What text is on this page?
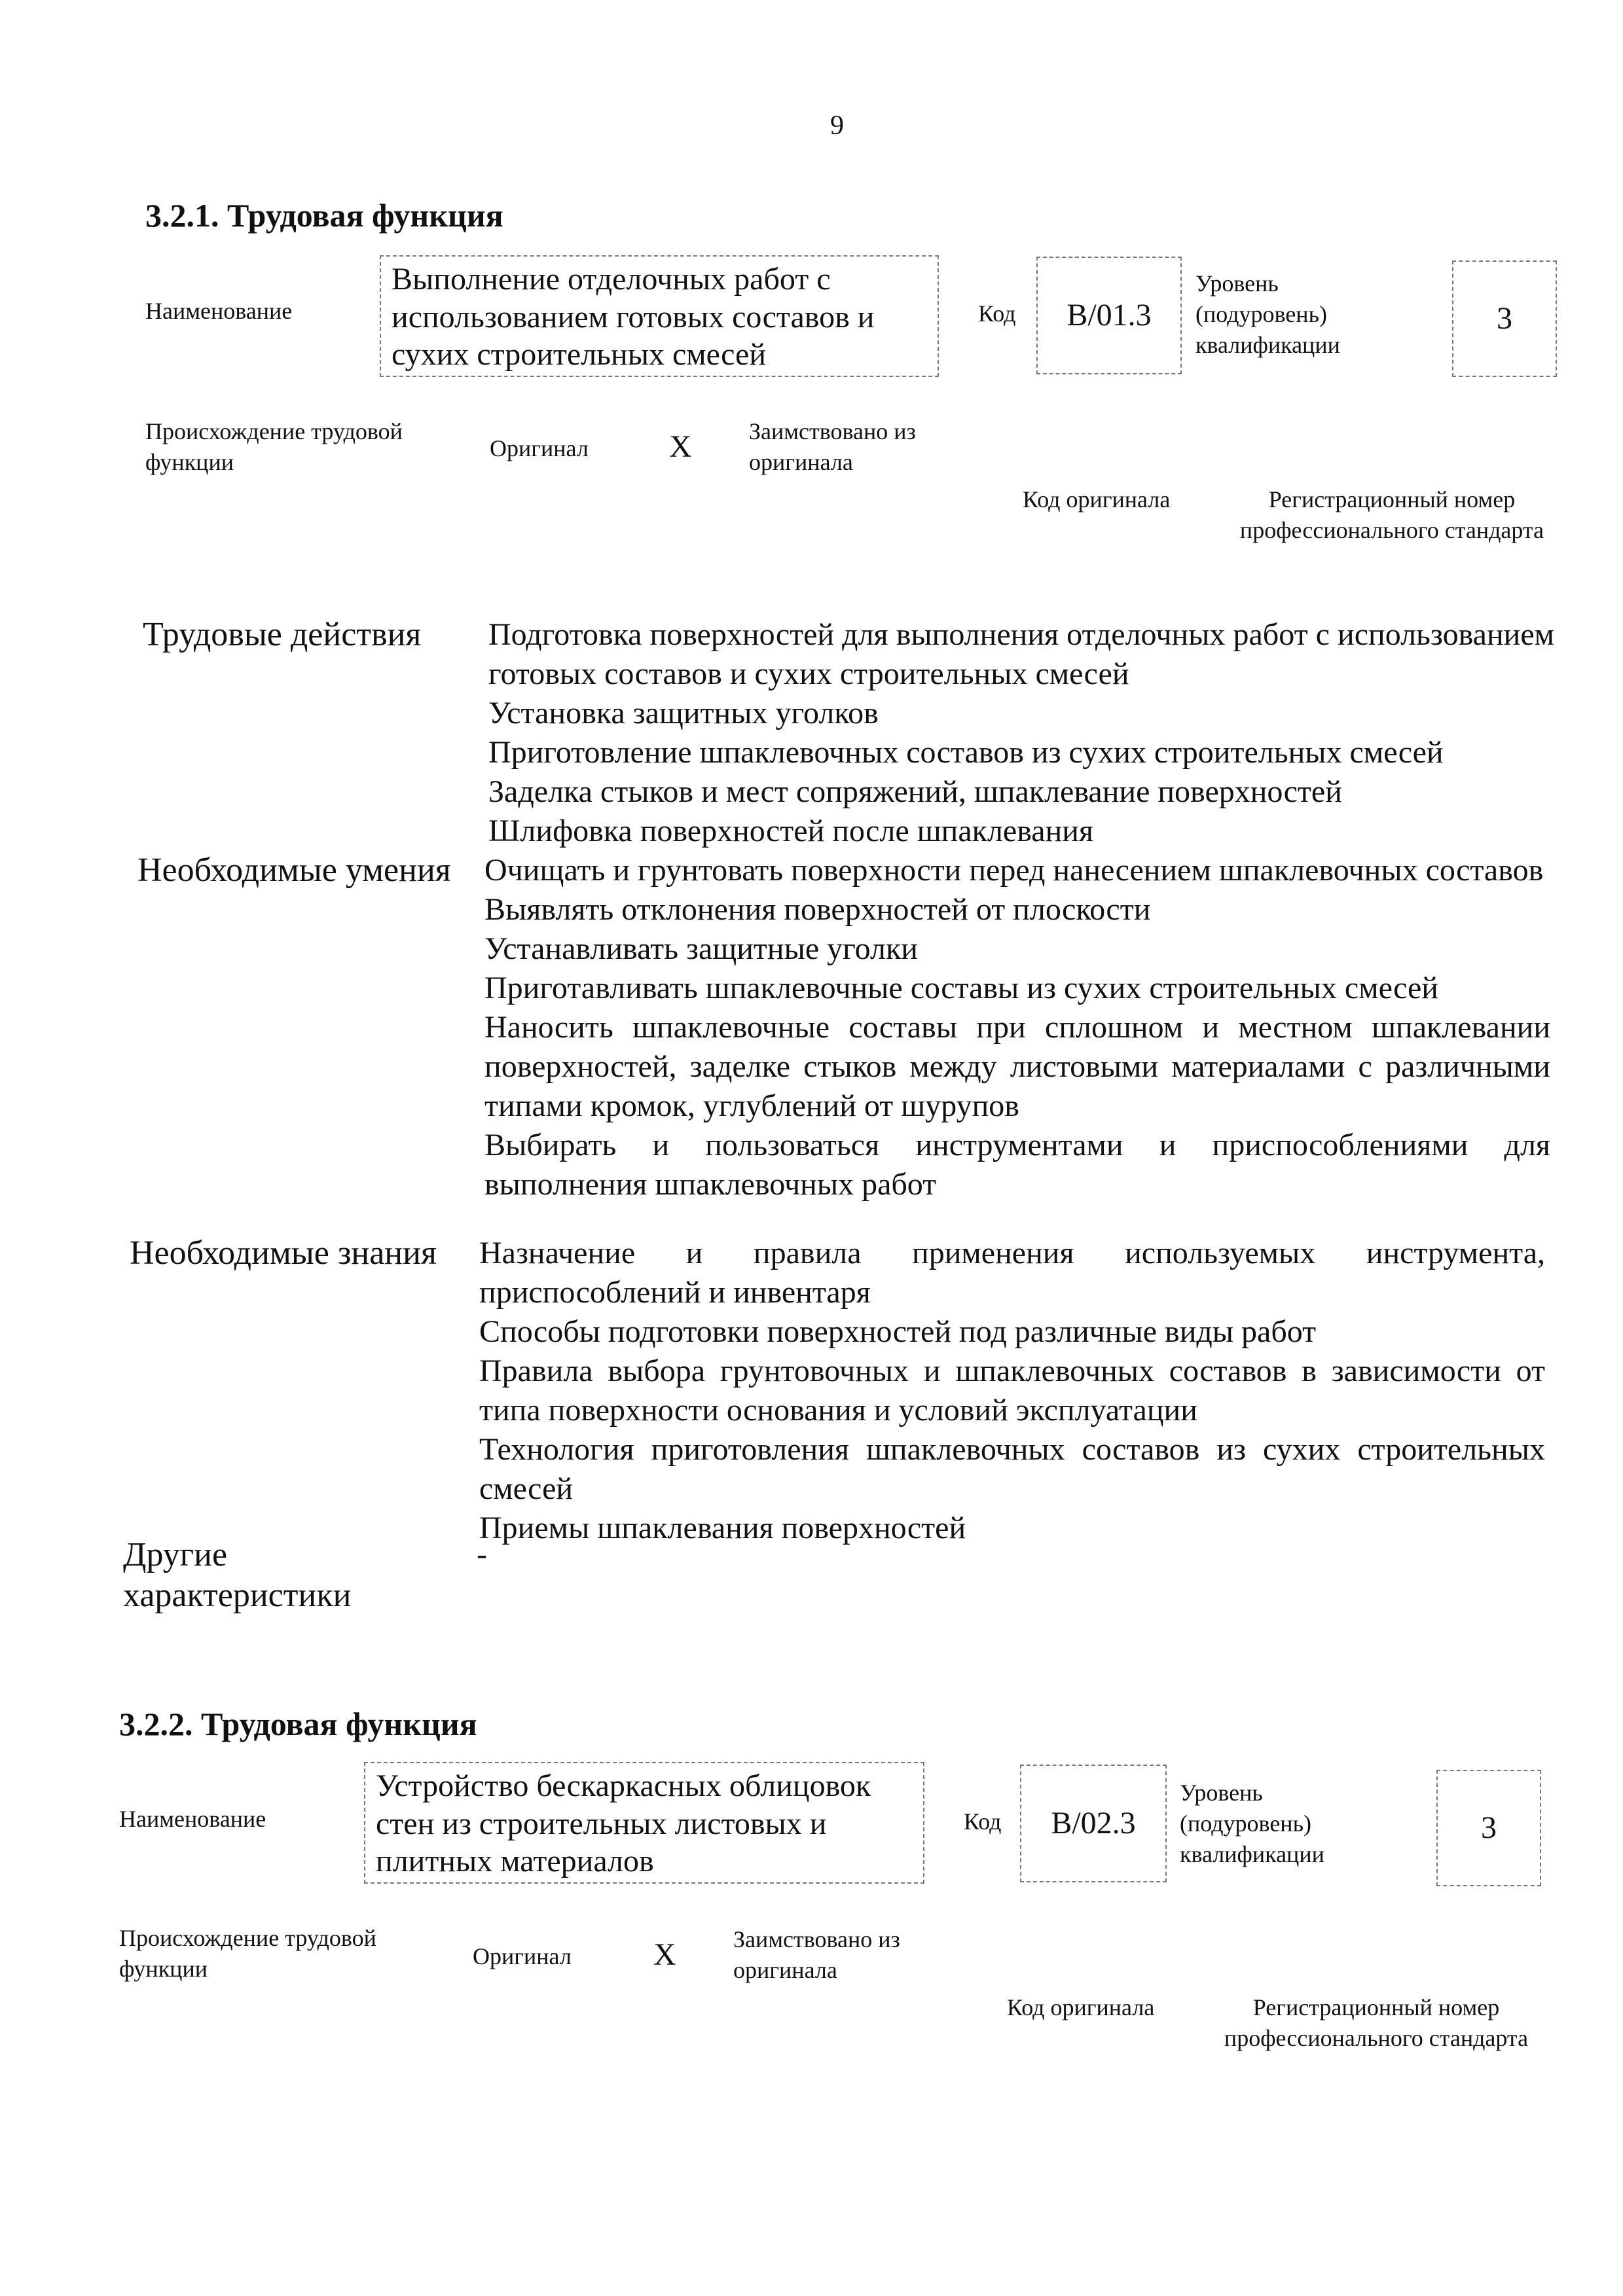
9
3.2.1. Трудовая функция
Наименование
Выполнение отделочных работ с использованием готовых составов и сухих строительных смесей
Код B/01.3
Уровень (подуровень) квалификации
3
Происхождение трудовой функции
Оригинал	X Заимствовано из оригинала
Код оригинала	Регистрационный номер профессионального стандарта
Трудовые действия Подготовка поверхностей для выполнения отделочных работ с использованием готовых составов и сухих строительных смесей
Установка защитных уголков
Приготовление шпаклевочных составов из сухих строительных смесей
Заделка стыков и мест сопряжений, шпаклевание поверхностей
Шлифовка поверхностей после шпаклевания
Необходимые умения Очищать и грунтовать поверхности перед нанесением шпаклевочных составов
Выявлять отклонения поверхностей от плоскости
Устанавливать защитные уголки
Приготавливать шпаклевочные составы из сухих строительных смесей
Наносить шпаклевочные составы при сплошном и местном шпаклевании поверхностей, заделке стыков между листовыми материалами с различными типами кромок, углублений от шурупов
Выбирать и пользоваться инструментами и приспособлениями для выполнения шпаклевочных работ
Необходимые знания Назначение и правила применения используемых инструмента, приспособлений и инвентаря
Способы подготовки поверхностей под различные виды работ
Правила выбора грунтовочных и шпаклевочных составов в зависимости от типа поверхности основания и условий эксплуатации
Технология приготовления шпаклевочных составов из сухих строительных смесей
Приемы шпаклевания поверхностей
Другие характеристики
-
3.2.2. Трудовая функция
Наименование
Устройство бескаркасных облицовок стен из строительных листовых и плитных материалов
Код B/02.3
Уровень (подуровень) квалификации
3
Происхождение трудовой функции	Оригинал	X Заимствовано из оригинала
Код оригинала	Регистрационный номер профессионального стандарта
